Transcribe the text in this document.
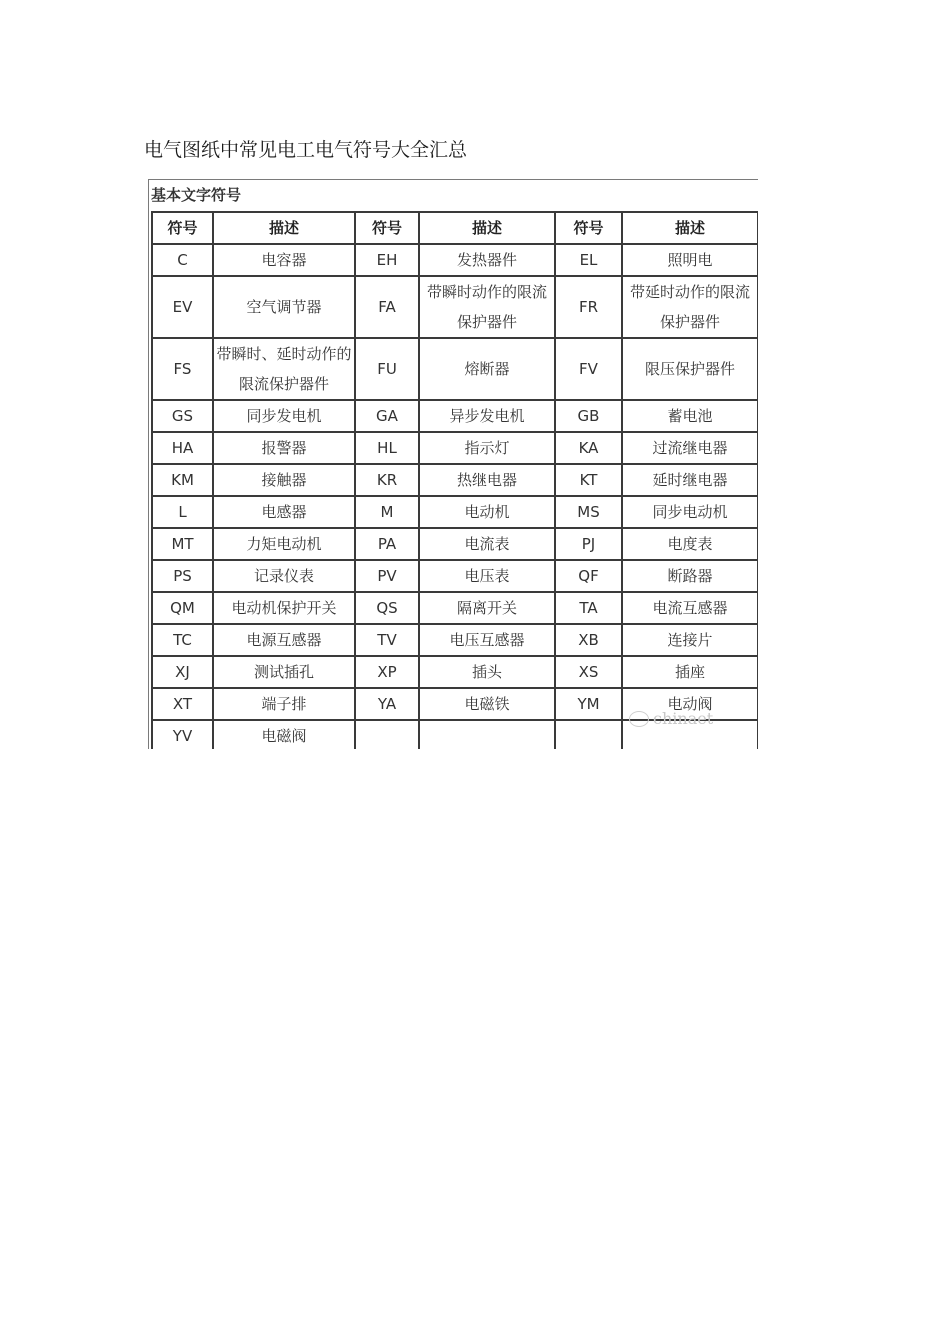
电气图纸中常见电工电气符号大全汇总
基本文字符号
符号	描述	符号	描述	符号	描述
C	电容器	EH	发热器件	EL	照明电
EV	空气调节器	FA	带瞬时动作的限流保护器件	FR	带延时动作的限流保护器件
FS	带瞬时、延时动作的限流保护器件	FU	熔断器	FV	限压保护器件
GS	同步发电机	GA	异步发电机	GB	蓄电池
HA	报警器	HL	指示灯	KA	过流继电器
KM	接触器	KR	热继电器	KT	延时继电器
L	电感器	M	电动机	MS	同步电动机
MT	力矩电动机	PA	电流表	PJ	电度表
PS	记录仪表	PV	电压表	QF	断路器
QM	电动机保护开关	QS	隔离开关	TA	电流互感器
TC	电源互感器	TV	电压互感器	XB	连接片
XJ	测试插孔	XP	插头	XS	插座
XT	端子排	YA	电磁铁	YM	电动阀
YV	电磁阀				
chinaet
